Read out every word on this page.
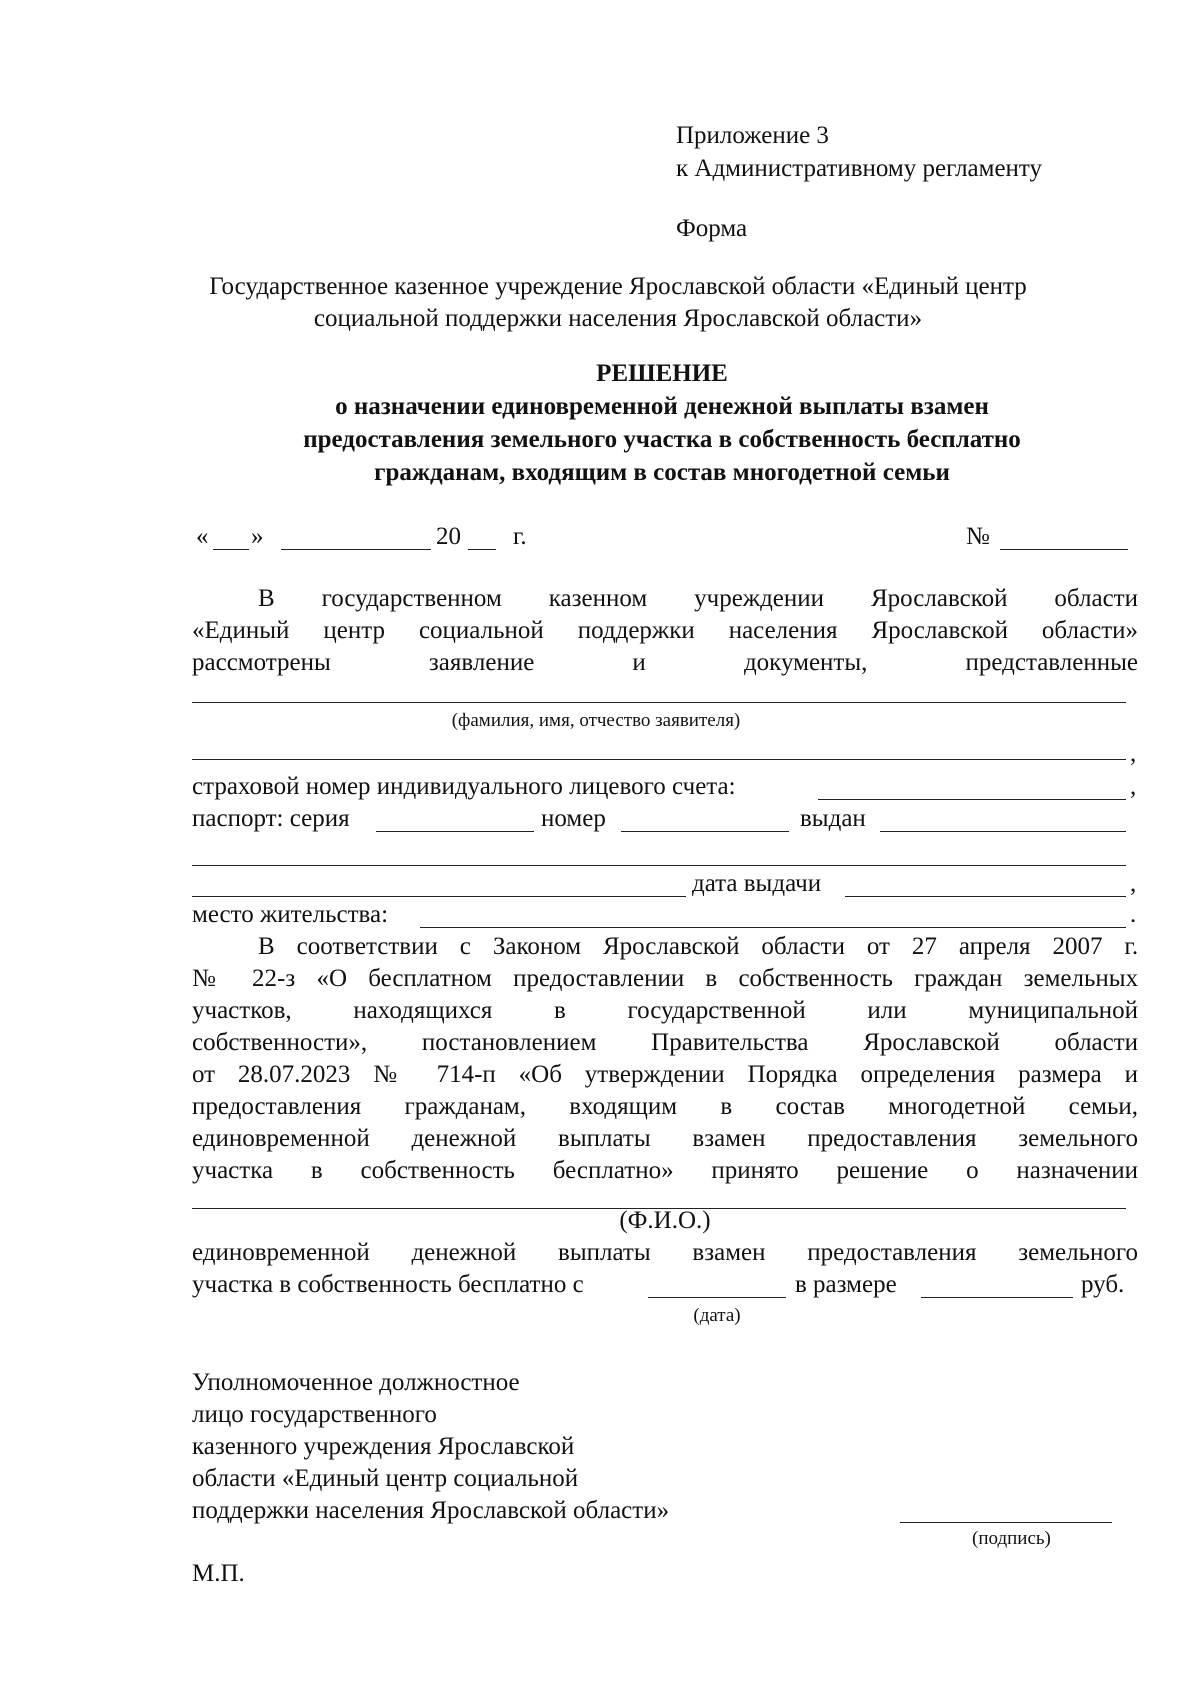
Приложение 3
к Административному регламенту
Форма
Государственное казенное учреждение Ярославской области «Единый центр
социальной поддержки населения Ярославской области»
РЕШЕНИЕ
о назначении единовременной денежной выплаты взамен
предоставления земельного участка в собственность бесплатно
гражданам, входящим в состав многодетной семьи
« »	20 г.	№
В государственном казенном учреждении Ярославской области
«Единый центр социальной поддержки населения Ярославской области»
рассмотрены	заявление	и	документы,	представленные
(фамилия, имя, отчество заявителя)
,
страховой номер индивидуального лицевого счета:	,
паспорт: серия	номер	выдан
дата выдачи	,
место жительства:	.
В соответствии с Законом Ярославской области от 27 апреля 2007 г.
№ 22-з «О бесплатном предоставлении в собственность граждан земельных
участков, находящихся в государственной или муниципальной
собственности», постановлением Правительства Ярославской области
от 28.07.2023 № 714-п «Об утверждении Порядка определения размера и
предоставления гражданам, входящим в состав многодетной семьи,
единовременной денежной выплаты взамен предоставления земельного
участка в собственность бесплатно» принято решение о назначении
(Ф.И.О.)
единовременной денежной выплаты взамен предоставления земельного
участка в собственность бесплатно с	в размере	руб.
(дата)
Уполномоченное должностное
лицо государственного
казенного учреждения Ярославской
области «Единый центр социальной
поддержки населения Ярославской области»
(подпись)
М.П.
